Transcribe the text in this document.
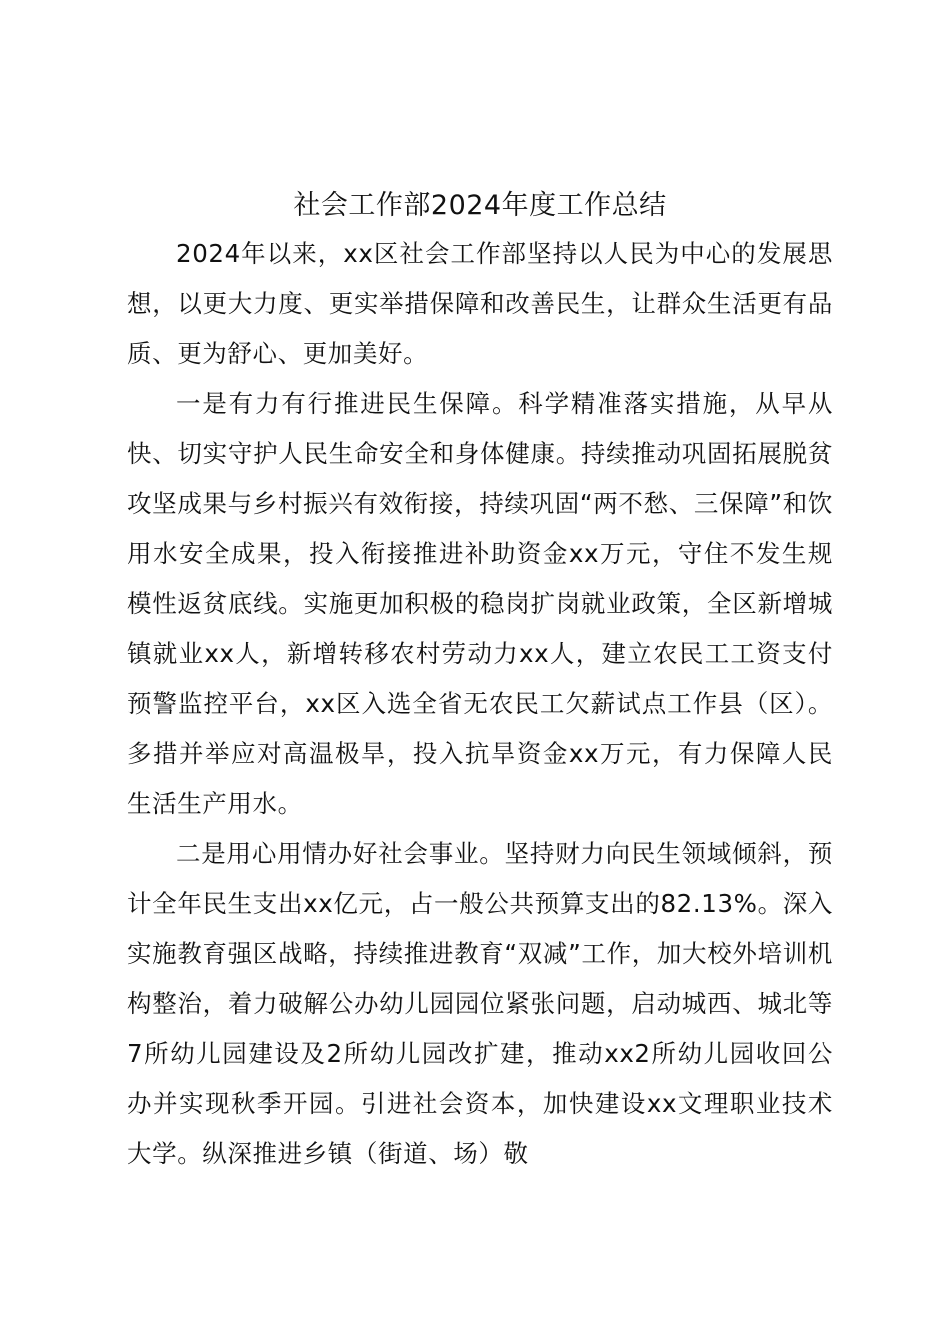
社会工作部2024年度工作总结

2024年以来，xx区社会工作部坚持以人民为中心的发展思想，以更大力度、更实举措保障和改善民生，让群众生活更有品质、更为舒心、更加美好。

一是有力有行推进民生保障。科学精准落实措施，从早从快、切实守护人民生命安全和身体健康。持续推动巩固拓展脱贫攻坚成果与乡村振兴有效衔接，持续巩固“两不愁、三保障”和饮用水安全成果，投入衔接推进补助资金xx万元，守住不发生规模性返贫底线。实施更加积极的稳岗扩岗就业政策，全区新增城镇就业xx人，新增转移农村劳动力xx人，建立农民工工资支付预警监控平台，xx区入选全省无农民工欠薪试点工作县（区）。多措并举应对高温极旱，投入抗旱资金xx万元，有力保障人民生活生产用水。

二是用心用情办好社会事业。坚持财力向民生领域倾斜，预计全年民生支出xx亿元，占一般公共预算支出的82.13%。深入实施教育强区战略，持续推进教育“双减”工作，加大校外培训机构整治，着力破解公办幼儿园园位紧张问题，启动城西、城北等7所幼儿园建设及2所幼儿园改扩建，推动xx2所幼儿园收回公办并实现秋季开园。引进社会资本，加快建设xx文理职业技术大学。纵深推进乡镇（街道、场）敬
